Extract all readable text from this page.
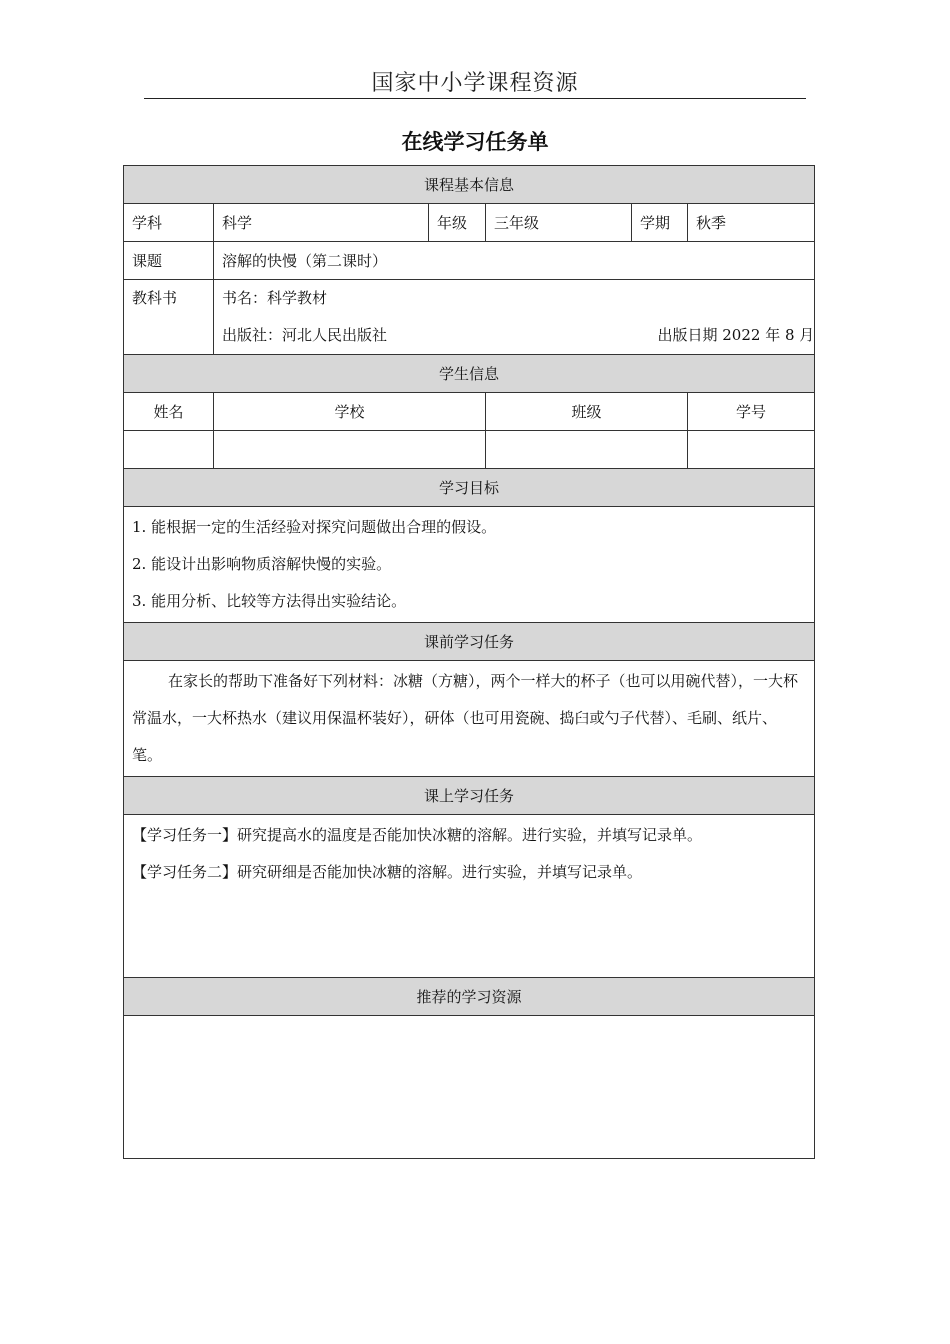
国家中小学课程资源
在线学习任务单
课程基本信息					
学科	科学	年级	三年级	学期	秋季
课题	溶解的快慢（第二课时）				

教科书	书名：科学教材
出版社：河北人民出版社 出版日期 2022 年 8 月				

学生信息					
姓名	学校		班级		学号

学习目标					

1. 能根据一定的生活经验对探究问题做出合理的假设。
2. 能设计出影响物质溶解快慢的实验。
3. 能用分析、比较等方法得出实验结论。					

课前学习任务					
在家长的帮助下准备好下列材料：冰糖（方糖），两个一样大的杯子（也可以用碗代替），一大杯常温水，一大杯热水（建议用保温杯装好），研体（也可用瓷碗、捣臼或勺子代替）、毛刷、纸片、笔。					
课上学习任务					

【学习任务一】研究提高水的温度是否能加快冰糖的溶解。进行实验，并填写记录单。
【学习任务二】研究研细是否能加快冰糖的溶解。进行实验，并填写记录单。					

推荐的学习资源					
